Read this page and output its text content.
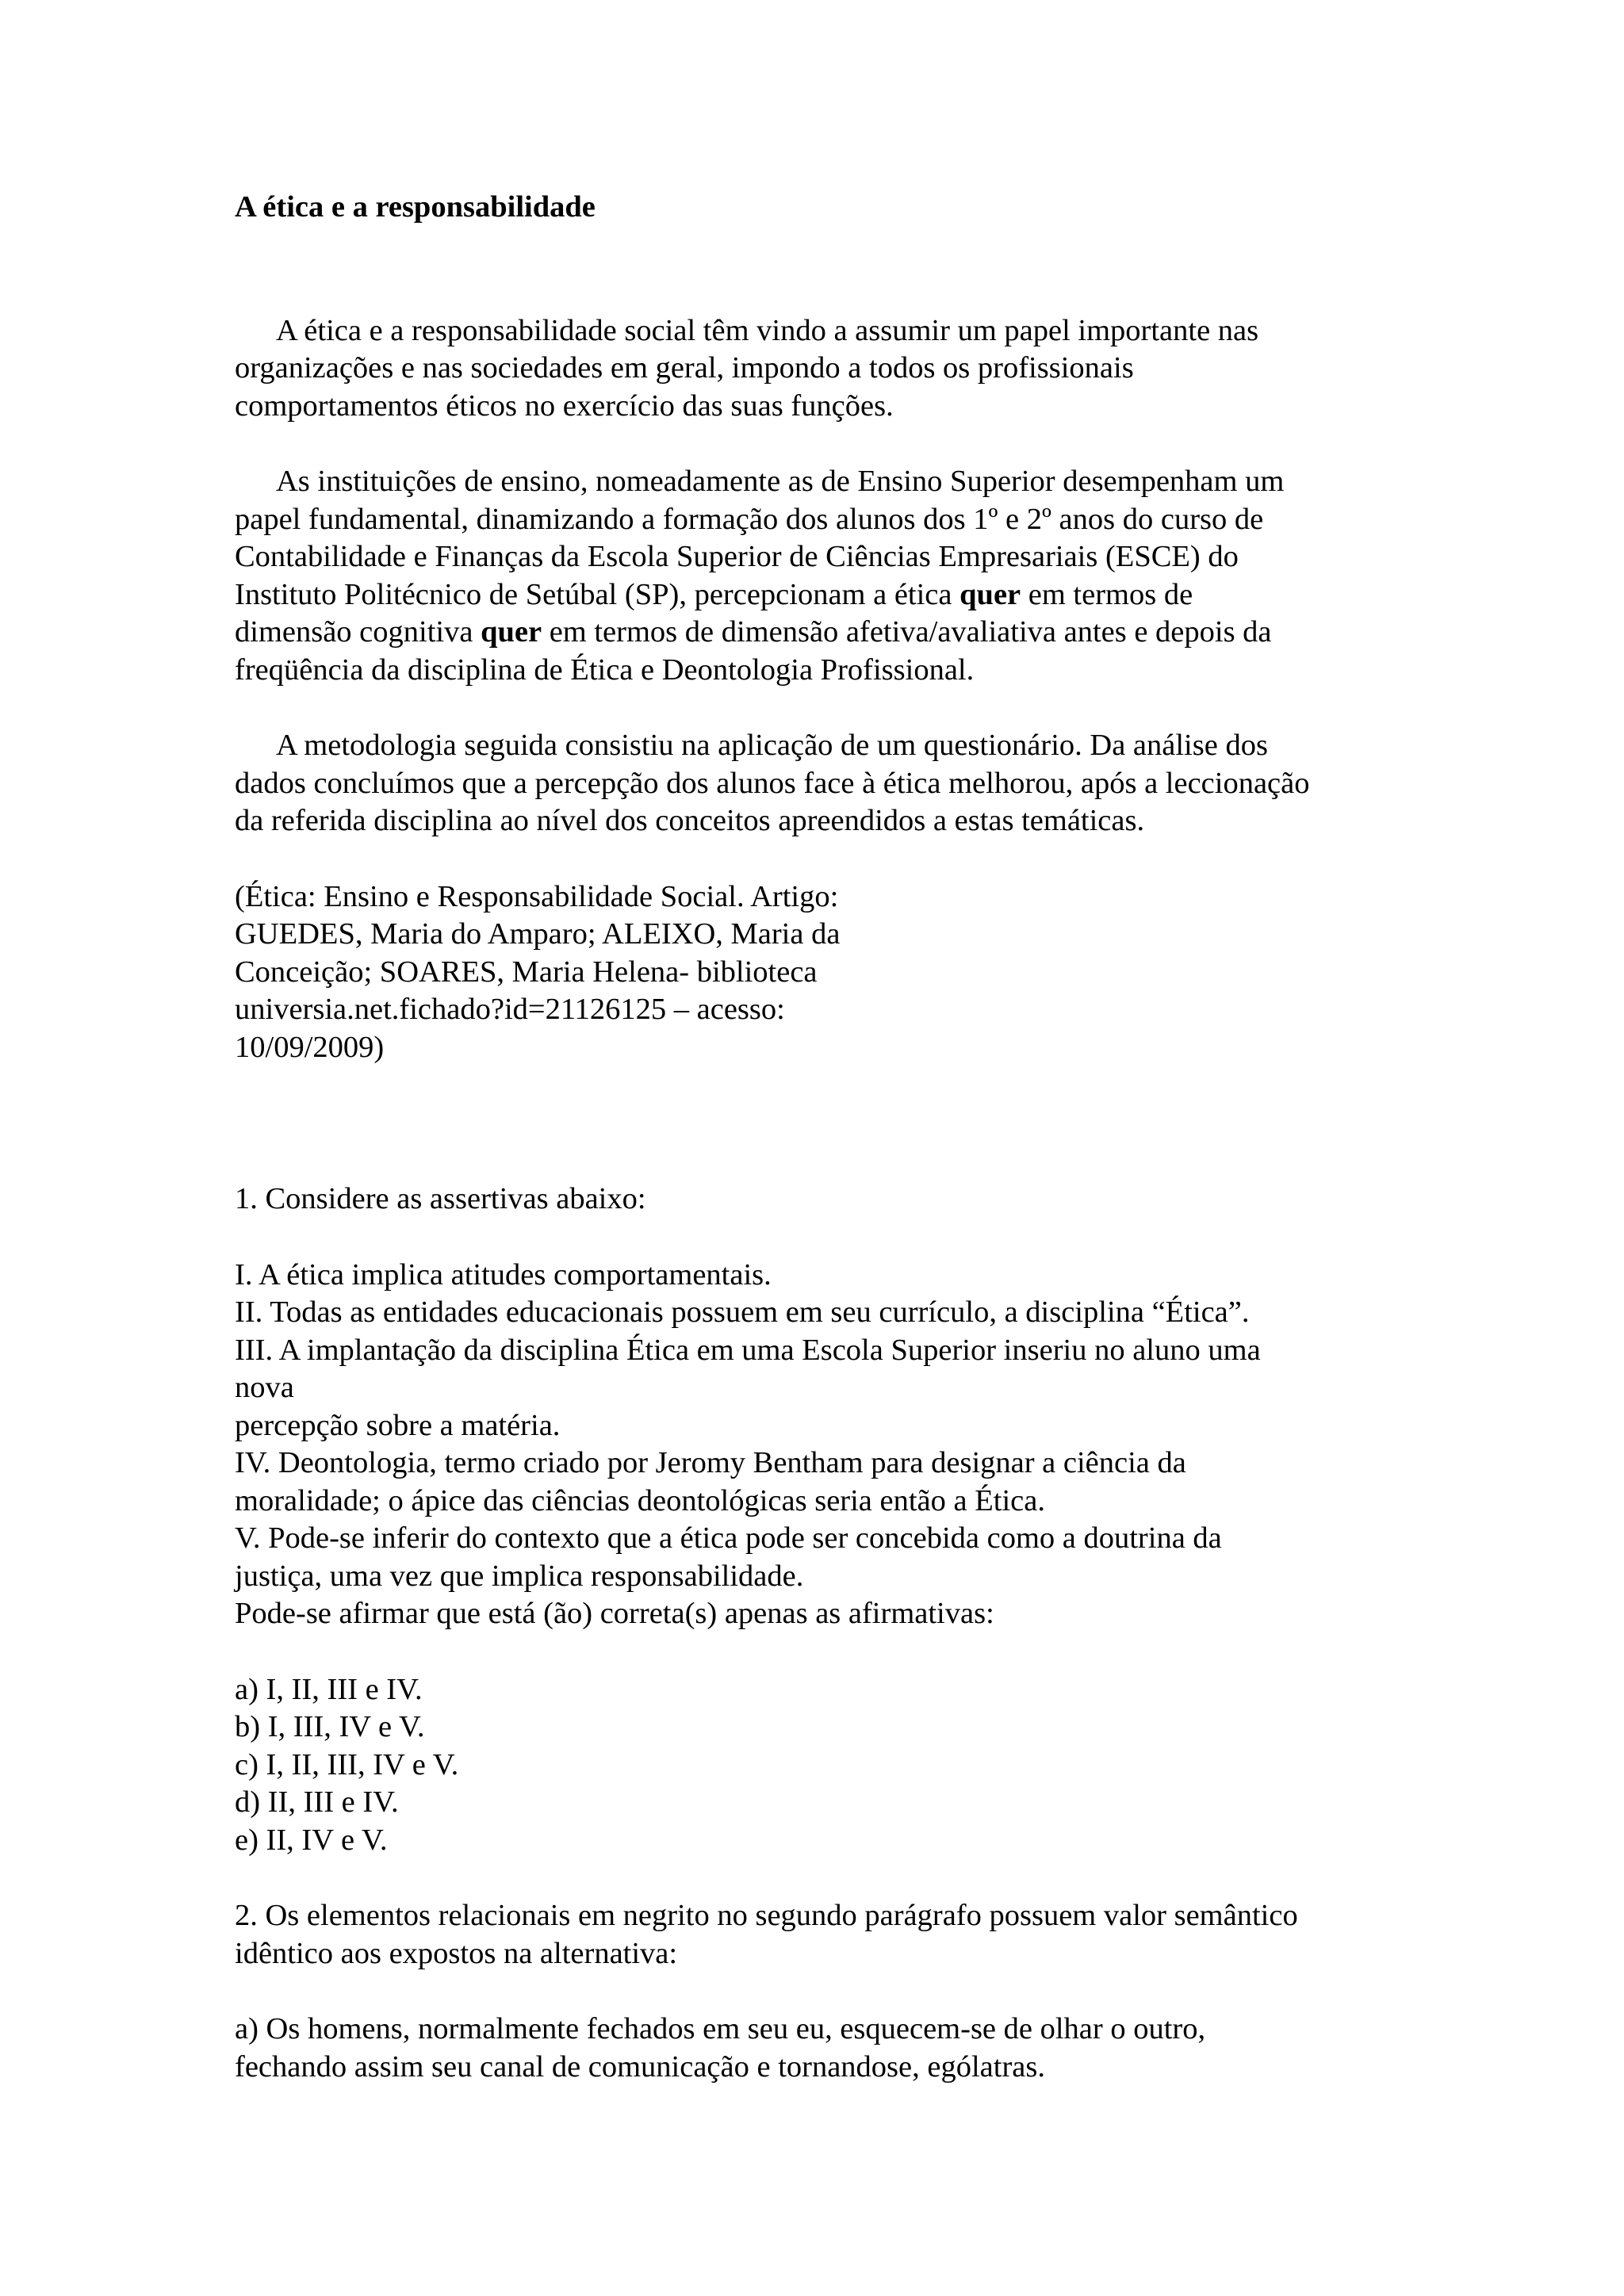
A ética e a responsabilidade

A ética e a responsabilidade social têm vindo a assumir um papel importante nas
organizações e nas sociedades em geral, impondo a todos os profissionais
comportamentos éticos no exercício das suas funções.
As instituições de ensino, nomeadamente as de Ensino Superior desempenham um
papel fundamental, dinamizando a formação dos alunos dos 1º e 2º anos do curso de
Contabilidade e Finanças da Escola Superior de Ciências Empresariais (ESCE) do
Instituto Politécnico de Setúbal (SP), percepcionam a ética quer em termos de
dimensão cognitiva quer em termos de dimensão afetiva/avaliativa antes e depois da
freqüência da disciplina de Ética e Deontologia Profissional.
A metodologia seguida consistiu na aplicação de um questionário. Da análise dos
dados concluímos que a percepção dos alunos face à ética melhorou, após a leccionação
da referida disciplina ao nível dos conceitos apreendidos a estas temáticas.
(Ética: Ensino e Responsabilidade Social. Artigo:
GUEDES, Maria do Amparo; ALEIXO, Maria da
Conceição; SOARES, Maria Helena- biblioteca
universia.net.fichado?id=21126125 – acesso:
10/09/2009)
1. Considere as assertivas abaixo:
I. A ética implica atitudes comportamentais.
II. Todas as entidades educacionais possuem em seu currículo, a disciplina “Ética”.
III. A implantação da disciplina Ética em uma Escola Superior inseriu no aluno uma
nova
percepção sobre a matéria.
IV. Deontologia, termo criado por Jeromy Bentham para designar a ciência da
moralidade; o ápice das ciências deontológicas seria então a Ética.
V. Pode-se inferir do contexto que a ética pode ser concebida como a doutrina da
justiça, uma vez que implica responsabilidade.
Pode-se afirmar que está (ão) correta(s) apenas as afirmativas:
a) I, II, III e IV.
b) I, III, IV e V.
c) I, II, III, IV e V.
d) II, III e IV.
e) II, IV e V.
2. Os elementos relacionais em negrito no segundo parágrafo possuem valor semântico
idêntico aos expostos na alternativa:
a) Os homens, normalmente fechados em seu eu, esquecem-se de olhar o outro,
fechando assim seu canal de comunicação e tornandose, ególatras.
